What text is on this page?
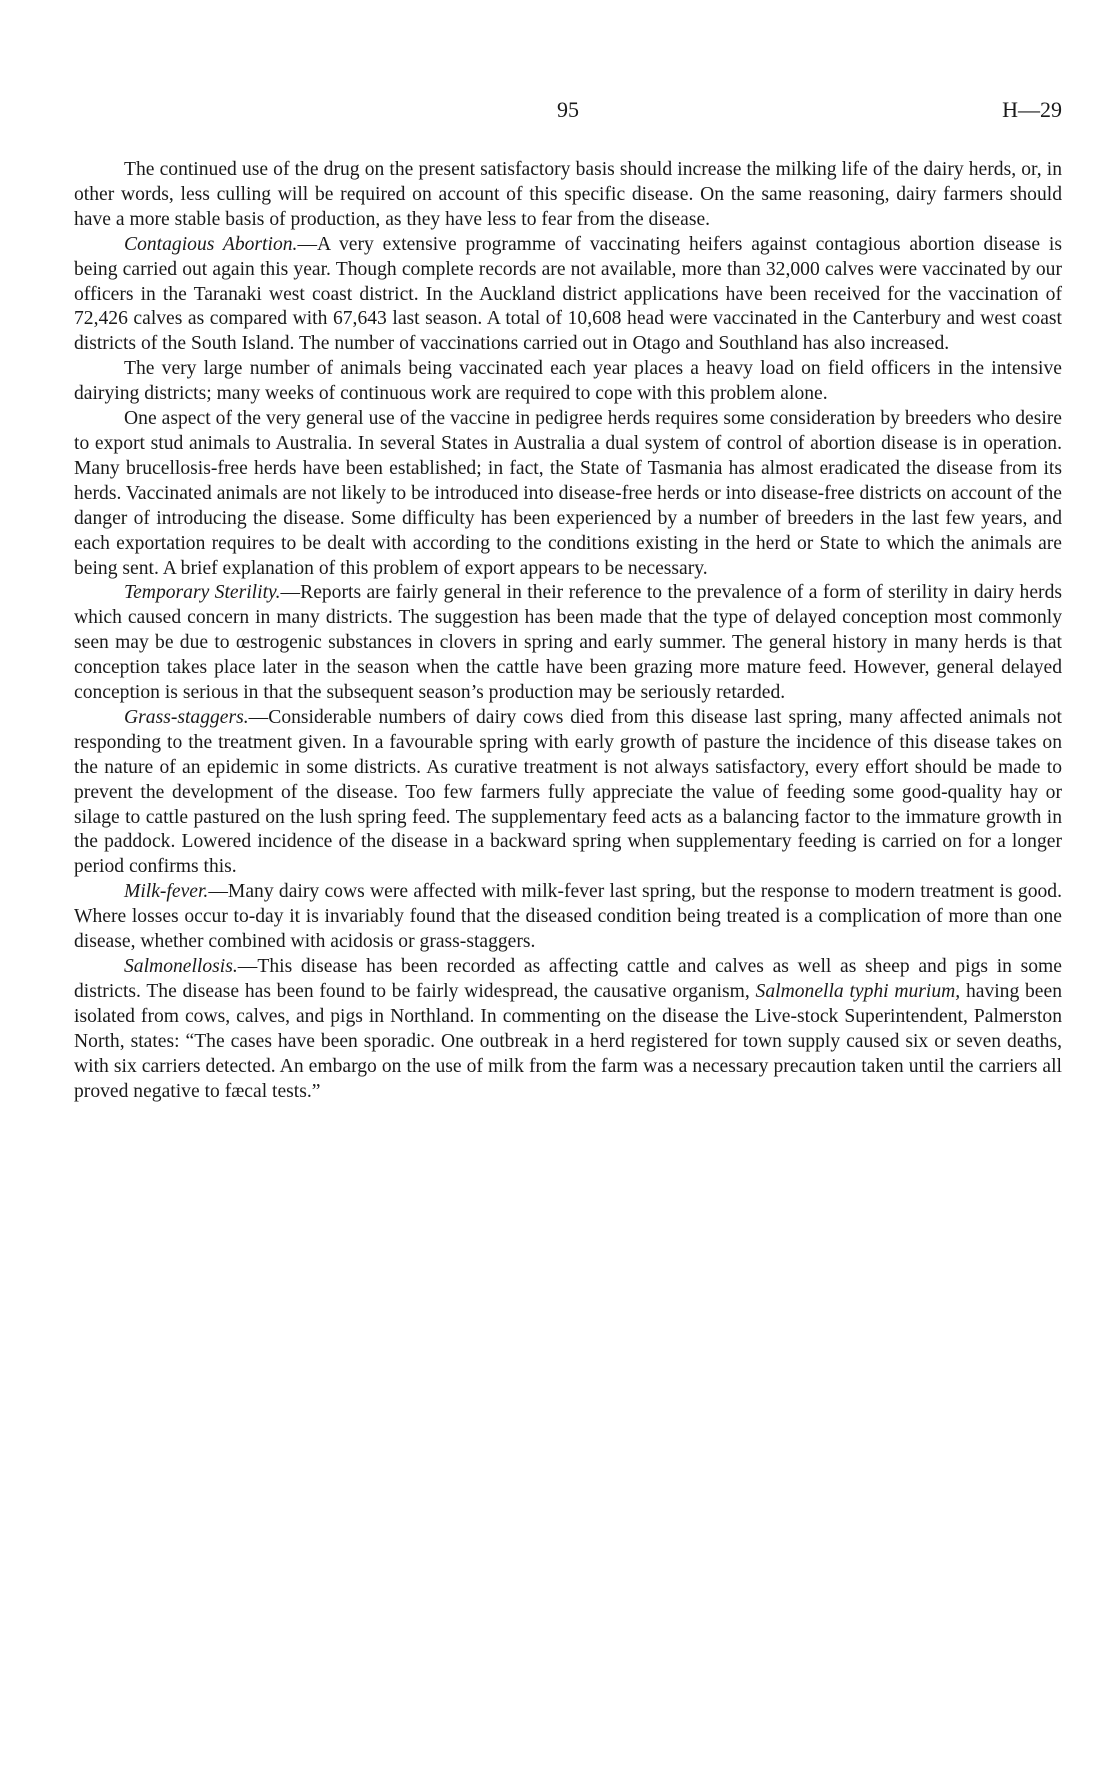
95	H—29

The continued use of the drug on the present satisfactory basis should increase the milking life of the dairy herds, or, in other words, less culling will be required on account of this specific disease. On the same reasoning, dairy farmers should have a more stable basis of production, as they have less to fear from the disease.

Contagious Abortion.—A very extensive programme of vaccinating heifers against contagious abortion disease is being carried out again this year. Though complete records are not available, more than 32,000 calves were vaccinated by our officers in the Taranaki west coast district. In the Auckland district applications have been received for the vaccination of 72,426 calves as compared with 67,643 last season. A total of 10,608 head were vaccinated in the Canterbury and west coast districts of the South Island. The number of vaccinations carried out in Otago and Southland has also increased.

The very large number of animals being vaccinated each year places a heavy load on field officers in the intensive dairying districts; many weeks of continuous work are required to cope with this problem alone.

One aspect of the very general use of the vaccine in pedigree herds requires some consideration by breeders who desire to export stud animals to Australia. In several States in Australia a dual system of control of abortion disease is in operation. Many brucellosis-free herds have been established; in fact, the State of Tasmania has almost eradicated the disease from its herds. Vaccinated animals are not likely to be introduced into disease-free herds or into disease-free districts on account of the danger of introducing the disease. Some difficulty has been experienced by a number of breeders in the last few years, and each exportation requires to be dealt with according to the conditions existing in the herd or State to which the animals are being sent. A brief explanation of this problem of export appears to be necessary.

Temporary Sterility.—Reports are fairly general in their reference to the prevalence of a form of sterility in dairy herds which caused concern in many districts. The suggestion has been made that the type of delayed conception most commonly seen may be due to œstrogenic substances in clovers in spring and early summer. The general history in many herds is that conception takes place later in the season when the cattle have been grazing more mature feed. However, general delayed conception is serious in that the subsequent season’s production may be seriously retarded.

Grass-staggers.—Considerable numbers of dairy cows died from this disease last spring, many affected animals not responding to the treatment given. In a favourable spring with early growth of pasture the incidence of this disease takes on the nature of an epidemic in some districts. As curative treatment is not always satisfactory, every effort should be made to prevent the development of the disease. Too few farmers fully appreciate the value of feeding some good-quality hay or silage to cattle pastured on the lush spring feed. The supplementary feed acts as a balancing factor to the immature growth in the paddock. Lowered incidence of the disease in a backward spring when supplementary feeding is carried on for a longer period confirms this.

Milk-fever.—Many dairy cows were affected with milk-fever last spring, but the response to modern treatment is good. Where losses occur to-day it is invariably found that the diseased condition being treated is a complication of more than one disease, whether combined with acidosis or grass-staggers.

Salmonellosis.—This disease has been recorded as affecting cattle and calves as well as sheep and pigs in some districts. The disease has been found to be fairly widespread, the causative organism, Salmonella typhi murium, having been isolated from cows, calves, and pigs in Northland. In commenting on the disease the Live-stock Superintendent, Palmerston North, states: “The cases have been sporadic. One outbreak in a herd registered for town supply caused six or seven deaths, with six carriers detected. An embargo on the use of milk from the farm was a necessary precaution taken until the carriers all proved negative to fæcal tests.”
